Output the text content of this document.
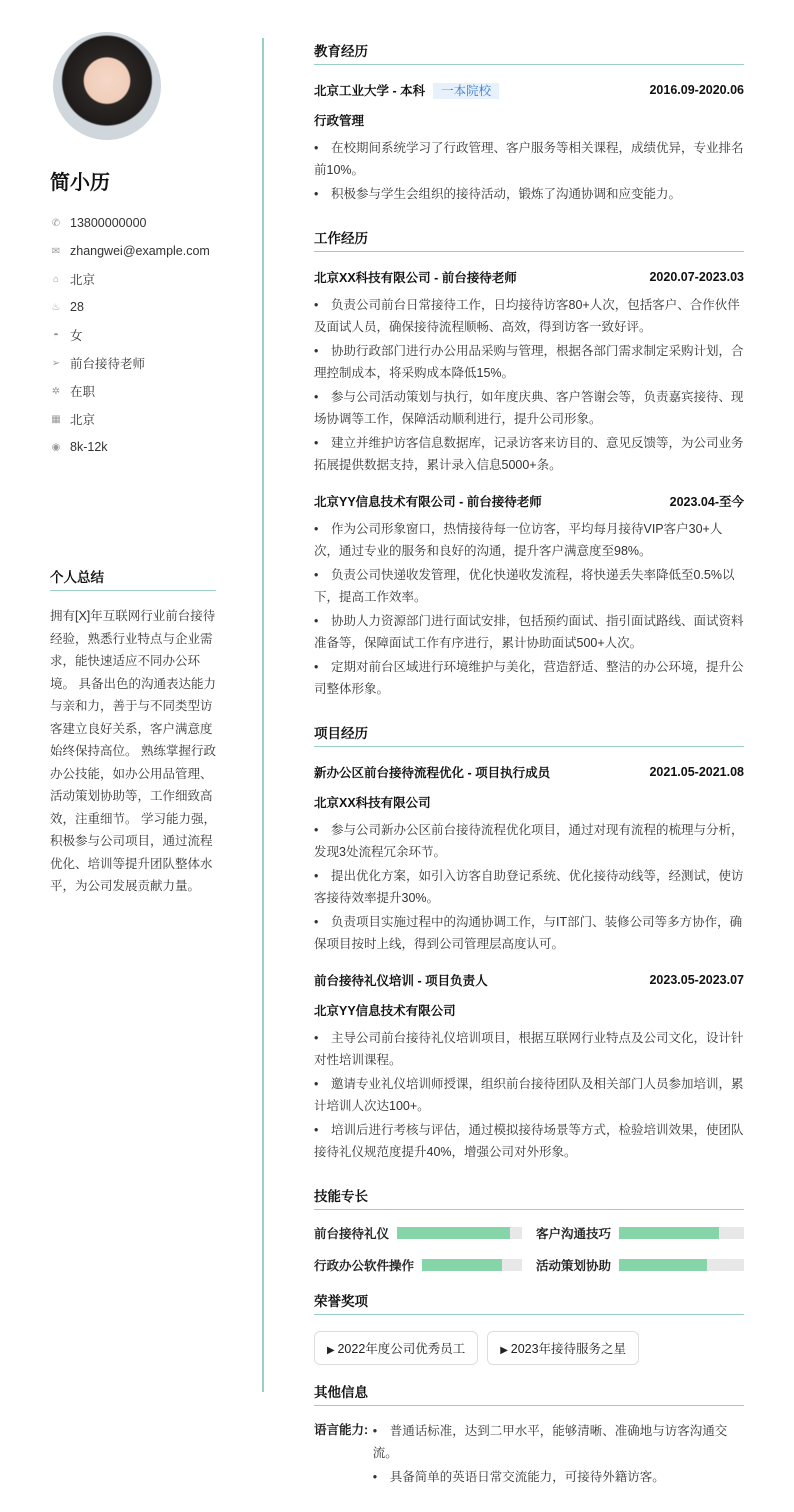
简小历
✆ 13800000000
✉ zhangwei@example.com
⌂ 北京
♨ 28
◓ 女
➢ 前台接待老师
✲ 在职
▦ 北京
◉ 8k-12k
个人总结

拥有[X]年互联网行业前台接待经验，熟悉行业特点与企业需求，能快速适应不同办公环境。 具备出色的沟通表达能力与亲和力，善于与不同类型访客建立良好关系，客户满意度始终保持高位。 熟练掌握行政办公技能，如办公用品管理、活动策划协助等，工作细致高效，注重细节。 学习能力强，积极参与公司项目，通过流程优化、培训等提升团队整体水平，为公司发展贡献力量。

教育经历
北京工业大学 - 本科 一本院校	2016.09-2020.06
行政管理
• 在校期间系统学习了行政管理、客户服务等相关课程，成绩优异，专业排名前10%。
• 积极参与学生会组织的接待活动，锻炼了沟通协调和应变能力。
工作经历
北京XX科技有限公司 - 前台接待老师	2020.07-2023.03
• 负责公司前台日常接待工作，日均接待访客80+人次，包括客户、合作伙伴及面试人员，确保接待流程顺畅、高效，得到访客一致好评。
• 协助行政部门进行办公用品采购与管理，根据各部门需求制定采购计划，合理控制成本，将采购成本降低15%。
• 参与公司活动策划与执行，如年度庆典、客户答谢会等，负责嘉宾接待、现场协调等工作，保障活动顺利进行，提升公司形象。
• 建立并维护访客信息数据库，记录访客来访目的、意见反馈等，为公司业务拓展提供数据支持，累计录入信息5000+条。
北京YY信息技术有限公司 - 前台接待老师	2023.04-至今
• 作为公司形象窗口，热情接待每一位访客，平均每月接待VIP客户30+人次，通过专业的服务和良好的沟通，提升客户满意度至98%。
• 负责公司快递收发管理，优化快递收发流程，将快递丢失率降低至0.5%以下，提高工作效率。
• 协助人力资源部门进行面试安排，包括预约面试、指引面试路线、面试资料准备等，保障面试工作有序进行，累计协助面试500+人次。
• 定期对前台区域进行环境维护与美化，营造舒适、整洁的办公环境，提升公司整体形象。
项目经历
新办公区前台接待流程优化 - 项目执行成员	2021.05-2021.08
北京XX科技有限公司
• 参与公司新办公区前台接待流程优化项目，通过对现有流程的梳理与分析，发现3处流程冗余环节。
• 提出优化方案，如引入访客自助登记系统、优化接待动线等，经测试，使访客接待效率提升30%。
• 负责项目实施过程中的沟通协调工作，与IT部门、装修公司等多方协作，确保项目按时上线，得到公司管理层高度认可。
前台接待礼仪培训 - 项目负责人	2023.05-2023.07
北京YY信息技术有限公司
• 主导公司前台接待礼仪培训项目，根据互联网行业特点及公司文化，设计针对性培训课程。
• 邀请专业礼仪培训师授课，组织前台接待团队及相关部门人员参加培训，累计培训人次达100+。
• 培训后进行考核与评估，通过模拟接待场景等方式，检验培训效果，使团队接待礼仪规范度提升40%，增强公司对外形象。
技能专长
前台接待礼仪	客户沟通技巧
行政办公软件操作	活动策划协助
荣誉奖项
▶ 2022年度公司优秀员工	▶ 2023年接待服务之星
其他信息
语言能力: • 普通话标准，达到二甲水平，能够清晰、准确地与访客沟通交流。
• 具备简单的英语日常交流能力，可接待外籍访客。
